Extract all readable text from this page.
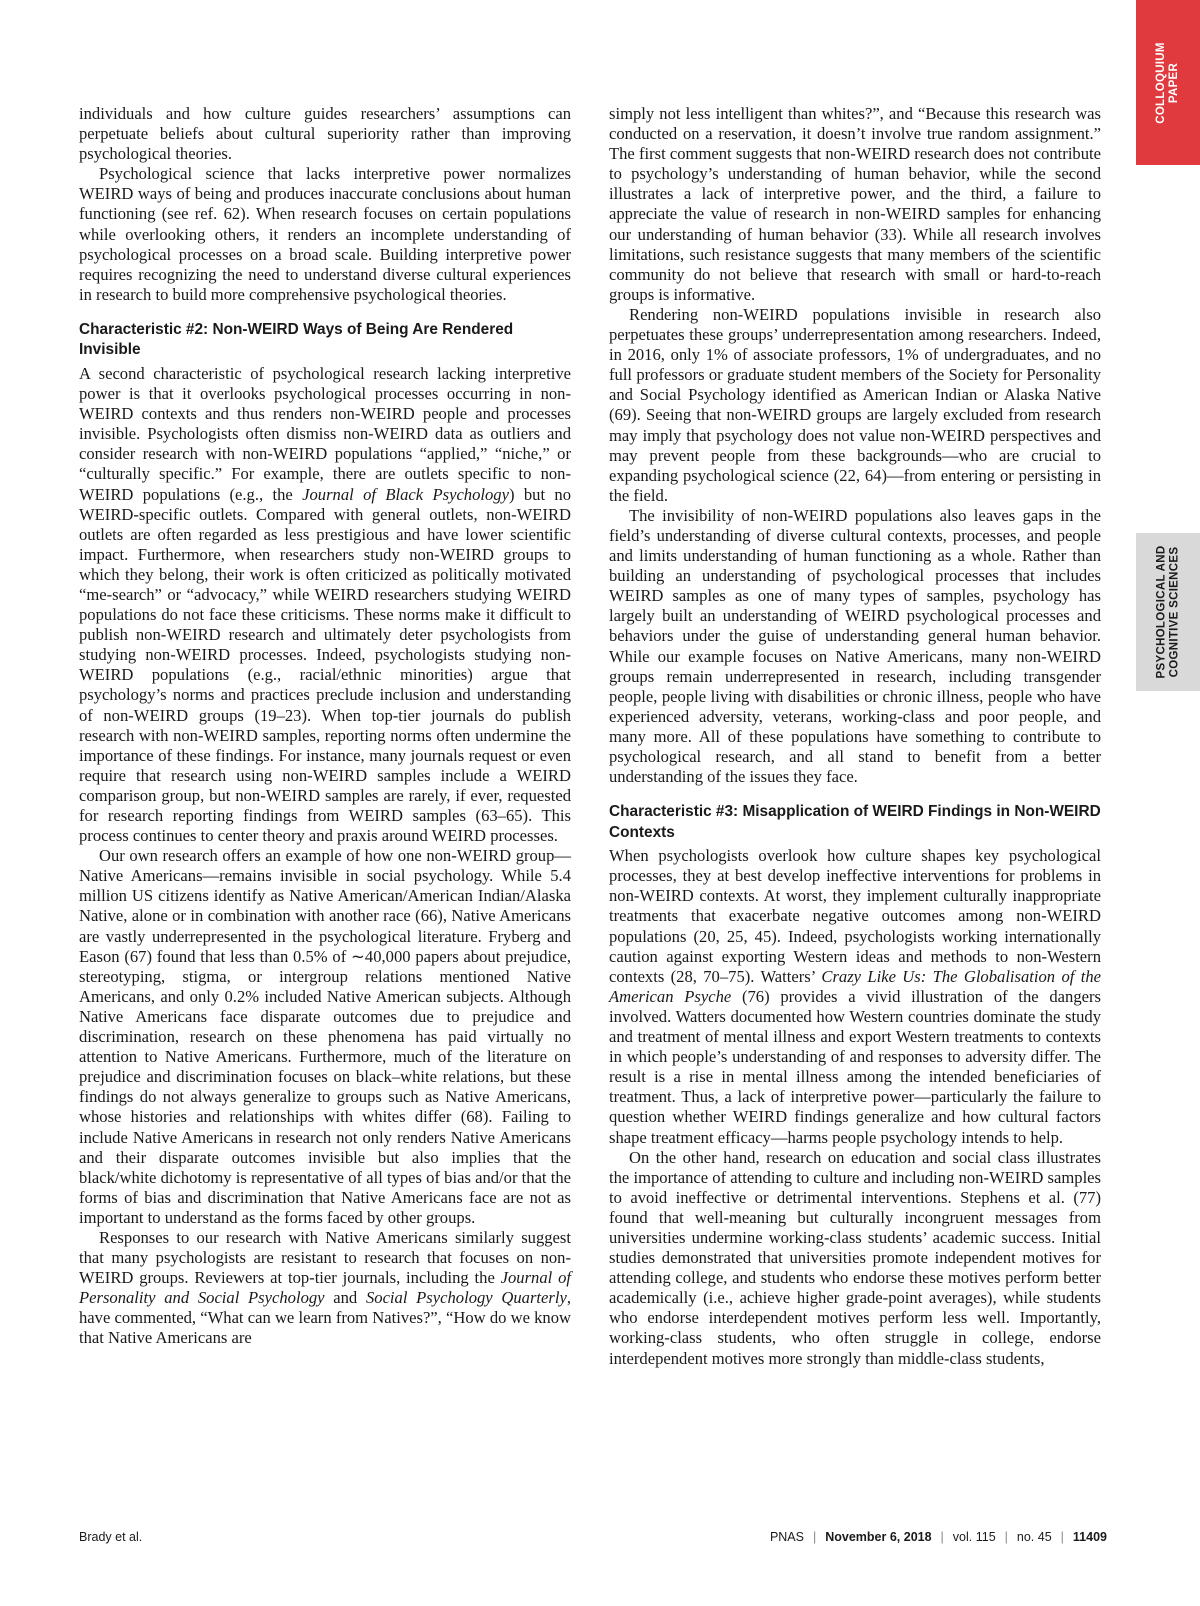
COLLOQUIUM
PAPER
PSYCHOLOGICAL AND
COGNITIVE SCIENCES

individuals and how culture guides researchers’ assumptions can perpetuate beliefs about cultural superiority rather than improving psychological theories.

Psychological science that lacks interpretive power normalizes WEIRD ways of being and produces inaccurate conclusions about human functioning (see ref. 62). When research focuses on certain populations while overlooking others, it renders an incomplete understanding of psychological processes on a broad scale. Building interpretive power requires recognizing the need to understand diverse cultural experiences in research to build more comprehensive psychological theories.

Characteristic #2: Non-WEIRD Ways of Being Are Rendered Invisible

A second characteristic of psychological research lacking interpretive power is that it overlooks psychological processes occurring in non-WEIRD contexts and thus renders non-WEIRD people and processes invisible. Psychologists often dismiss non-WEIRD data as outliers and consider research with non-WEIRD populations “applied,” “niche,” or “culturally specific.” For example, there are outlets specific to non-WEIRD populations (e.g., the Journal of Black Psychology) but no WEIRD-specific outlets. Compared with general outlets, non-WEIRD outlets are often regarded as less prestigious and have lower scientific impact. Furthermore, when researchers study non-WEIRD groups to which they belong, their work is often criticized as politically motivated “me-search” or “advocacy,” while WEIRD researchers studying WEIRD populations do not face these criticisms. These norms make it difficult to publish non-WEIRD research and ultimately deter psychologists from studying non-WEIRD processes. Indeed, psychologists studying non-WEIRD populations (e.g., racial/ethnic minorities) argue that psychology’s norms and practices preclude inclusion and understanding of non-WEIRD groups (19–23). When top-tier journals do publish research with non-WEIRD samples, reporting norms often undermine the importance of these findings. For instance, many journals request or even require that research using non-WEIRD samples include a WEIRD comparison group, but non-WEIRD samples are rarely, if ever, requested for research reporting findings from WEIRD samples (63–65). This process continues to center theory and praxis around WEIRD processes.

Our own research offers an example of how one non-WEIRD group—Native Americans—remains invisible in social psychology. While 5.4 million US citizens identify as Native American/American Indian/Alaska Native, alone or in combination with another race (66), Native Americans are vastly underrepresented in the psychological literature. Fryberg and Eason (67) found that less than 0.5% of ∼40,000 papers about prejudice, stereotyping, stigma, or intergroup relations mentioned Native Americans, and only 0.2% included Native American subjects. Although Native Americans face disparate outcomes due to prejudice and discrimination, research on these phenomena has paid virtually no attention to Native Americans. Furthermore, much of the literature on prejudice and discrimination focuses on black–white relations, but these findings do not always generalize to groups such as Native Americans, whose histories and relationships with whites differ (68). Failing to include Native Americans in research not only renders Native Americans and their disparate outcomes invisible but also implies that the black/white dichotomy is representative of all types of bias and/or that the forms of bias and discrimination that Native Americans face are not as important to understand as the forms faced by other groups.

Responses to our research with Native Americans similarly suggest that many psychologists are resistant to research that focuses on non-WEIRD groups. Reviewers at top-tier journals, including the Journal of Personality and Social Psychology and Social Psychology Quarterly, have commented, “What can we learn from Natives?”, “How do we know that Native Americans are

simply not less intelligent than whites?”, and “Because this research was conducted on a reservation, it doesn’t involve true random assignment.” The first comment suggests that non-WEIRD research does not contribute to psychology’s understanding of human behavior, while the second illustrates a lack of interpretive power, and the third, a failure to appreciate the value of research in non-WEIRD samples for enhancing our understanding of human behavior (33). While all research involves limitations, such resistance suggests that many members of the scientific community do not believe that research with small or hard-to-reach groups is informative.

Rendering non-WEIRD populations invisible in research also perpetuates these groups’ underrepresentation among researchers. Indeed, in 2016, only 1% of associate professors, 1% of undergraduates, and no full professors or graduate student members of the Society for Personality and Social Psychology identified as American Indian or Alaska Native (69). Seeing that non-WEIRD groups are largely excluded from research may imply that psychology does not value non-WEIRD perspectives and may prevent people from these backgrounds—who are crucial to expanding psychological science (22, 64)—from entering or persisting in the field.

The invisibility of non-WEIRD populations also leaves gaps in the field’s understanding of diverse cultural contexts, processes, and people and limits understanding of human functioning as a whole. Rather than building an understanding of psychological processes that includes WEIRD samples as one of many types of samples, psychology has largely built an understanding of WEIRD psychological processes and behaviors under the guise of understanding general human behavior. While our example focuses on Native Americans, many non-WEIRD groups remain underrepresented in research, including transgender people, people living with disabilities or chronic illness, people who have experienced adversity, veterans, working-class and poor people, and many more. All of these populations have something to contribute to psychological research, and all stand to benefit from a better understanding of the issues they face.

Characteristic #3: Misapplication of WEIRD Findings in Non-WEIRD Contexts

When psychologists overlook how culture shapes key psychological processes, they at best develop ineffective interventions for problems in non-WEIRD contexts. At worst, they implement culturally inappropriate treatments that exacerbate negative outcomes among non-WEIRD populations (20, 25, 45). Indeed, psychologists working internationally caution against exporting Western ideas and methods to non-Western contexts (28, 70–75). Watters’ Crazy Like Us: The Globalisation of the American Psyche (76) provides a vivid illustration of the dangers involved. Watters documented how Western countries dominate the study and treatment of mental illness and export Western treatments to contexts in which people’s understanding of and responses to adversity differ. The result is a rise in mental illness among the intended beneficiaries of treatment. Thus, a lack of interpretive power—particularly the failure to question whether WEIRD findings generalize and how cultural factors shape treatment efficacy—harms people psychology intends to help.

On the other hand, research on education and social class illustrates the importance of attending to culture and including non-WEIRD samples to avoid ineffective or detrimental interventions. Stephens et al. (77) found that well-meaning but culturally incongruent messages from universities undermine working-class students’ academic success. Initial studies demonstrated that universities promote independent motives for attending college, and students who endorse these motives perform better academically (i.e., achieve higher grade-point averages), while students who endorse interdependent motives perform less well. Importantly, working-class students, who often struggle in college, endorse interdependent motives more strongly than middle-class students,

Brady et al.	PNAS | November 6, 2018 | vol. 115 | no. 45 | 11409
